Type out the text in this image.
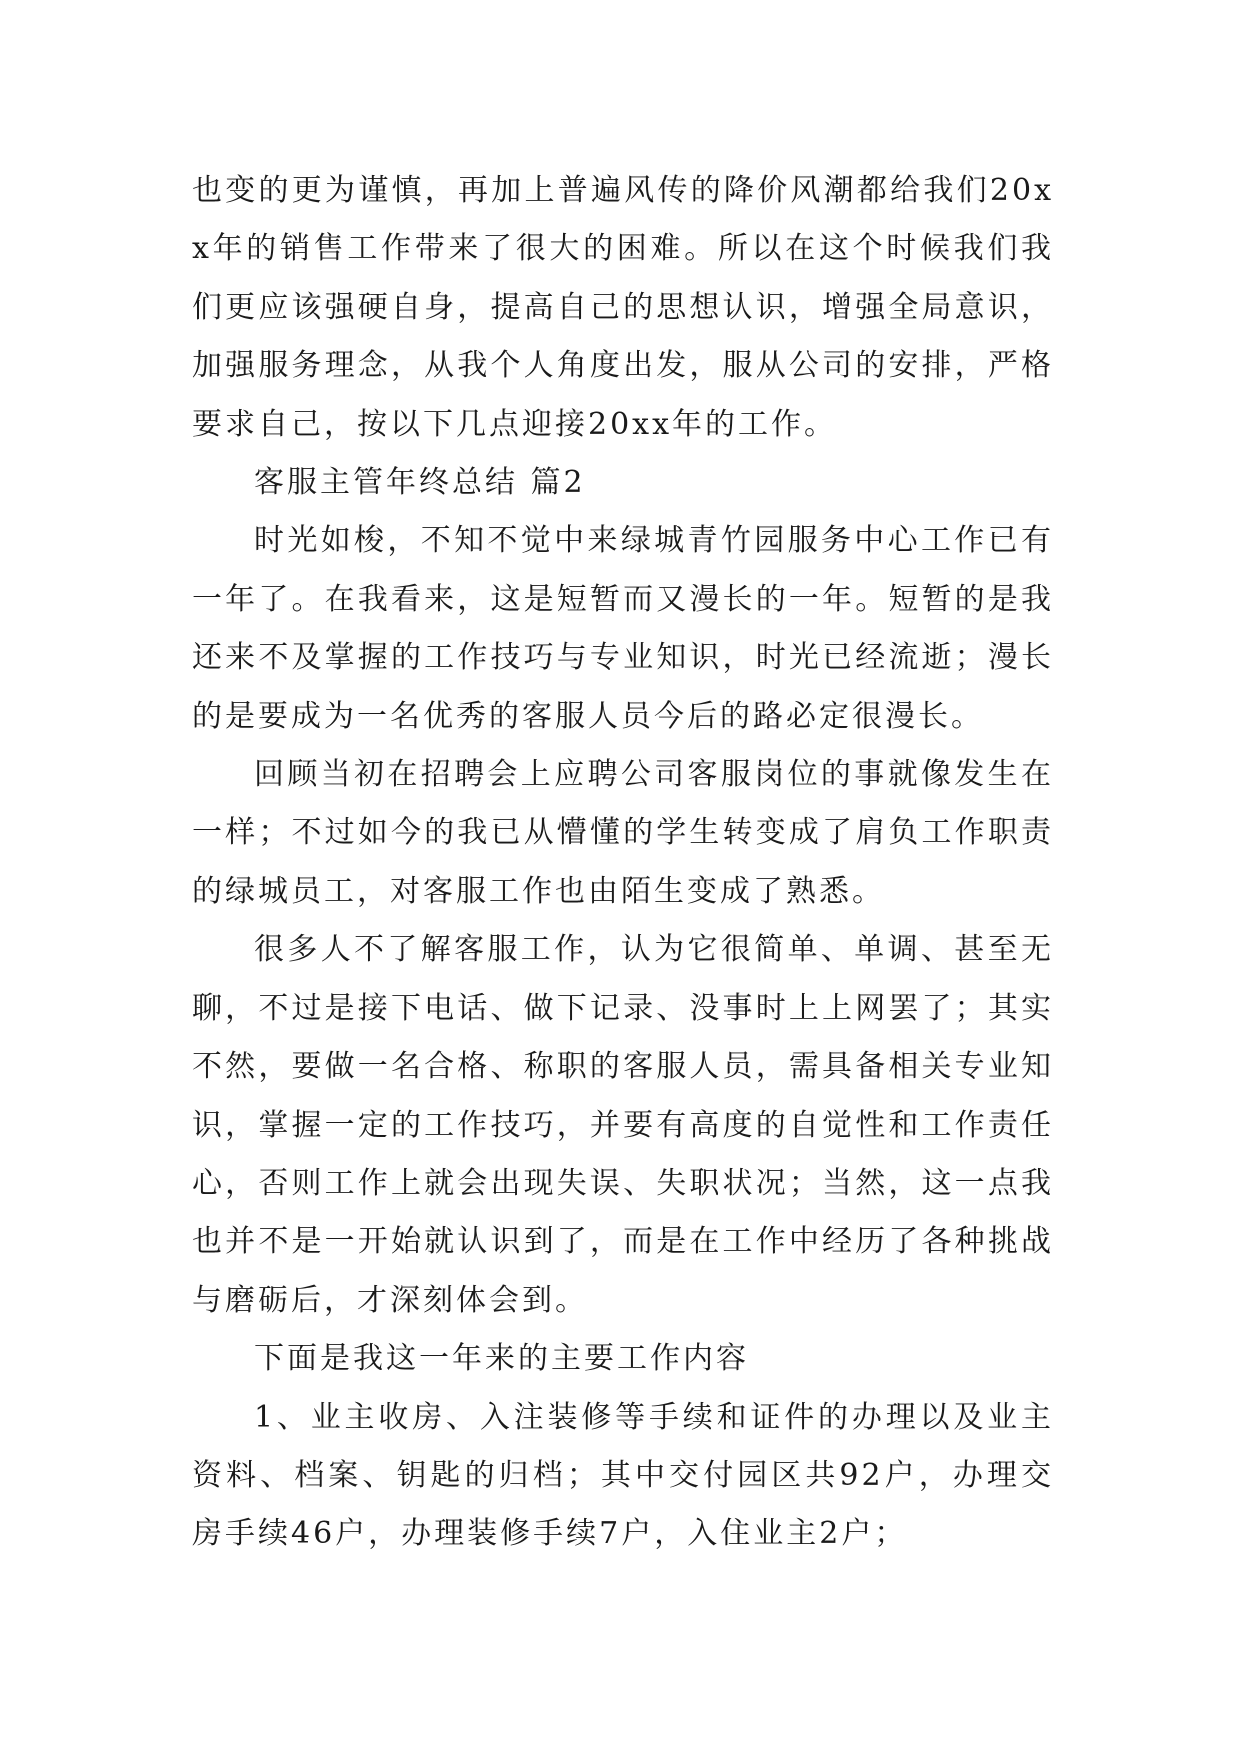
也变的更为谨慎，再加上普遍风传的降价风潮都给我们20xx年的销售工作带来了很大的困难。所以在这个时候我们我们更应该强硬自身，提高自己的思想认识，增强全局意识，加强服务理念，从我个人角度出发，服从公司的安排，严格要求自己，按以下几点迎接20xx年的工作。

客服主管年终总结 篇2

时光如梭，不知不觉中来绿城青竹园服务中心工作已有一年了。在我看来，这是短暂而又漫长的一年。短暂的是我还来不及掌握的工作技巧与专业知识，时光已经流逝；漫长的是要成为一名优秀的客服人员今后的路必定很漫长。

回顾当初在招聘会上应聘公司客服岗位的事就像发生在一样；不过如今的我已从懵懂的学生转变成了肩负工作职责的绿城员工，对客服工作也由陌生变成了熟悉。

很多人不了解客服工作，认为它很简单、单调、甚至无聊，不过是接下电话、做下记录、没事时上上网罢了；其实不然，要做一名合格、称职的客服人员，需具备相关专业知识，掌握一定的工作技巧，并要有高度的自觉性和工作责任心，否则工作上就会出现失误、失职状况；当然，这一点我也并不是一开始就认识到了，而是在工作中经历了各种挑战与磨砺后，才深刻体会到。

下面是我这一年来的主要工作内容

1、业主收房、入注装修等手续和证件的办理以及业主资料、档案、钥匙的归档；其中交付园区共92户，办理交房手续46户，办理装修手续7户，入住业主2户；
